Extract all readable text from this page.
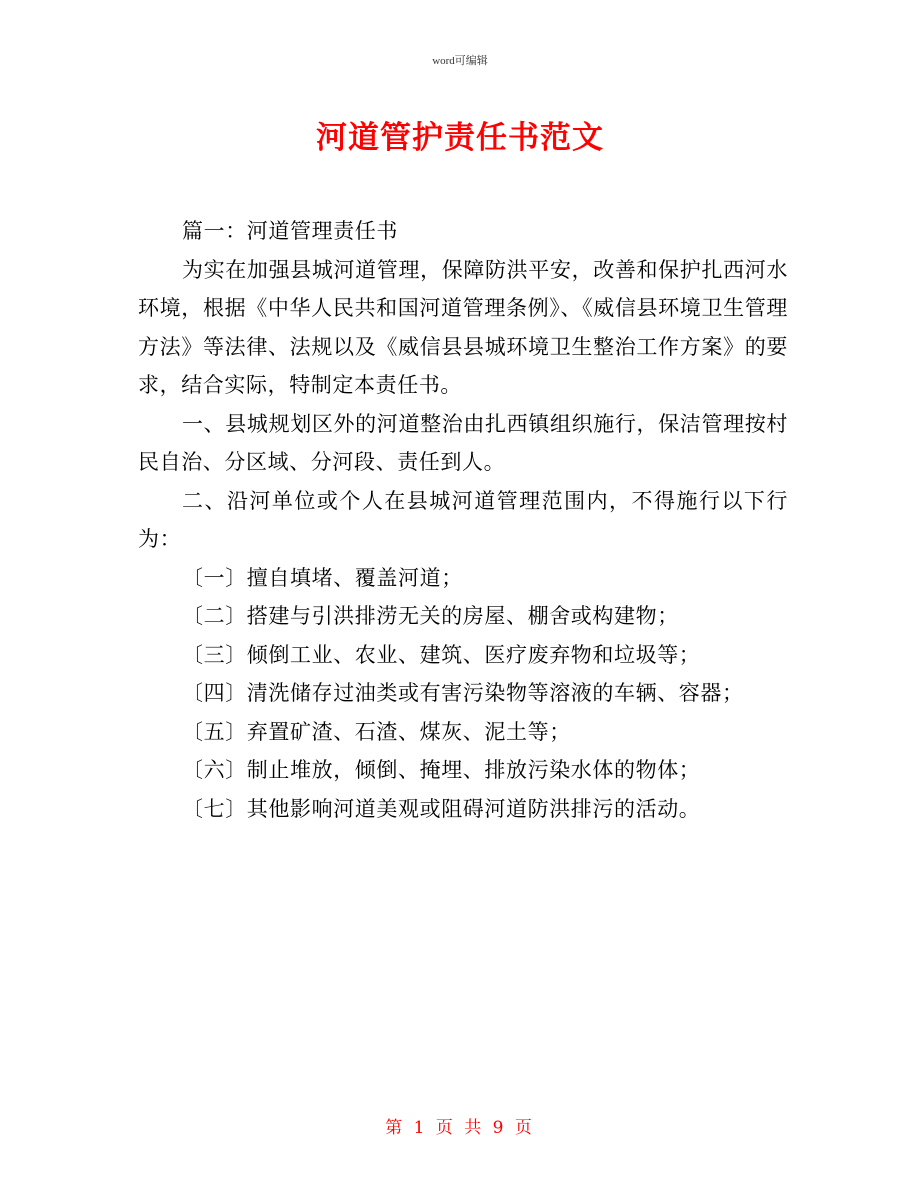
word可编辑
河道管护责任书范文

篇一：河道管理责任书

为实在加强县城河道管理，保障防洪平安，改善和保护扎西河水环境，根据《中华人民共和国河道管理条例》、《威信县环境卫生管理方法》等法律、法规以及《威信县县城环境卫生整治工作方案》的要求，结合实际，特制定本责任书。

一、县城规划区外的河道整治由扎西镇组织施行，保洁管理按村民自治、分区域、分河段、责任到人。

二、沿河单位或个人在县城河道管理范围内，不得施行以下行为：

〔一〕擅自填堵、覆盖河道；

〔二〕搭建与引洪排涝无关的房屋、棚舍或构建物；

〔三〕倾倒工业、农业、建筑、医疗废弃物和垃圾等；

〔四〕清洗储存过油类或有害污染物等溶液的车辆、容器；

〔五〕弃置矿渣、石渣、煤灰、泥土等；

〔六〕制止堆放，倾倒、掩埋、排放污染水体的物体；

〔七〕其他影响河道美观或阻碍河道防洪排污的活动。

第 1 页 共 9 页
